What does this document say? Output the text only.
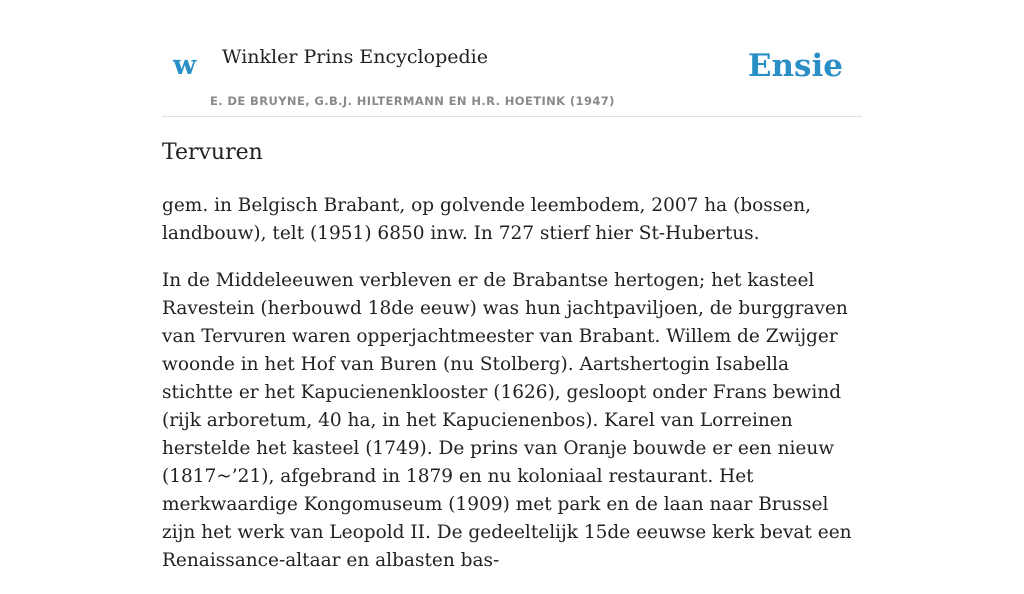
w Winkler Prins Encyclopedie
E. DE BRUYNE, G.B.J. HILTERMANN EN H.R. HOETINK (1947)
Ensie
Tervuren

gem. in Belgisch Brabant, op golvende leembodem, 2007 ha (bossen, landbouw), telt (1951) 6850 inw. In 727 stierf hier St-Hubertus.

In de Middeleeuwen verbleven er de Brabantse hertogen; het kasteel Ravestein (herbouwd 18de eeuw) was hun jachtpaviljoen, de burggraven van Tervuren waren opperjachtmeester van Brabant. Willem de Zwijger woonde in het Hof van Buren (nu Stolberg). Aartshertogin Isabella stichtte er het Kapucienenklooster (1626), gesloopt onder Frans bewind (rijk arboretum, 40 ha, in het Kapucienenbos). Karel van Lorreinen herstelde het kasteel (1749). De prins van Oranje bouwde er een nieuw (1817~’21), afgebrand in 1879 en nu koloniaal restaurant. Het merkwaardige Kongomuseum (1909) met park en de laan naar Brussel zijn het werk van Leopold II. De gedeeltelijk 15de eeuwse kerk bevat een Renaissance-altaar en albasten bas-
